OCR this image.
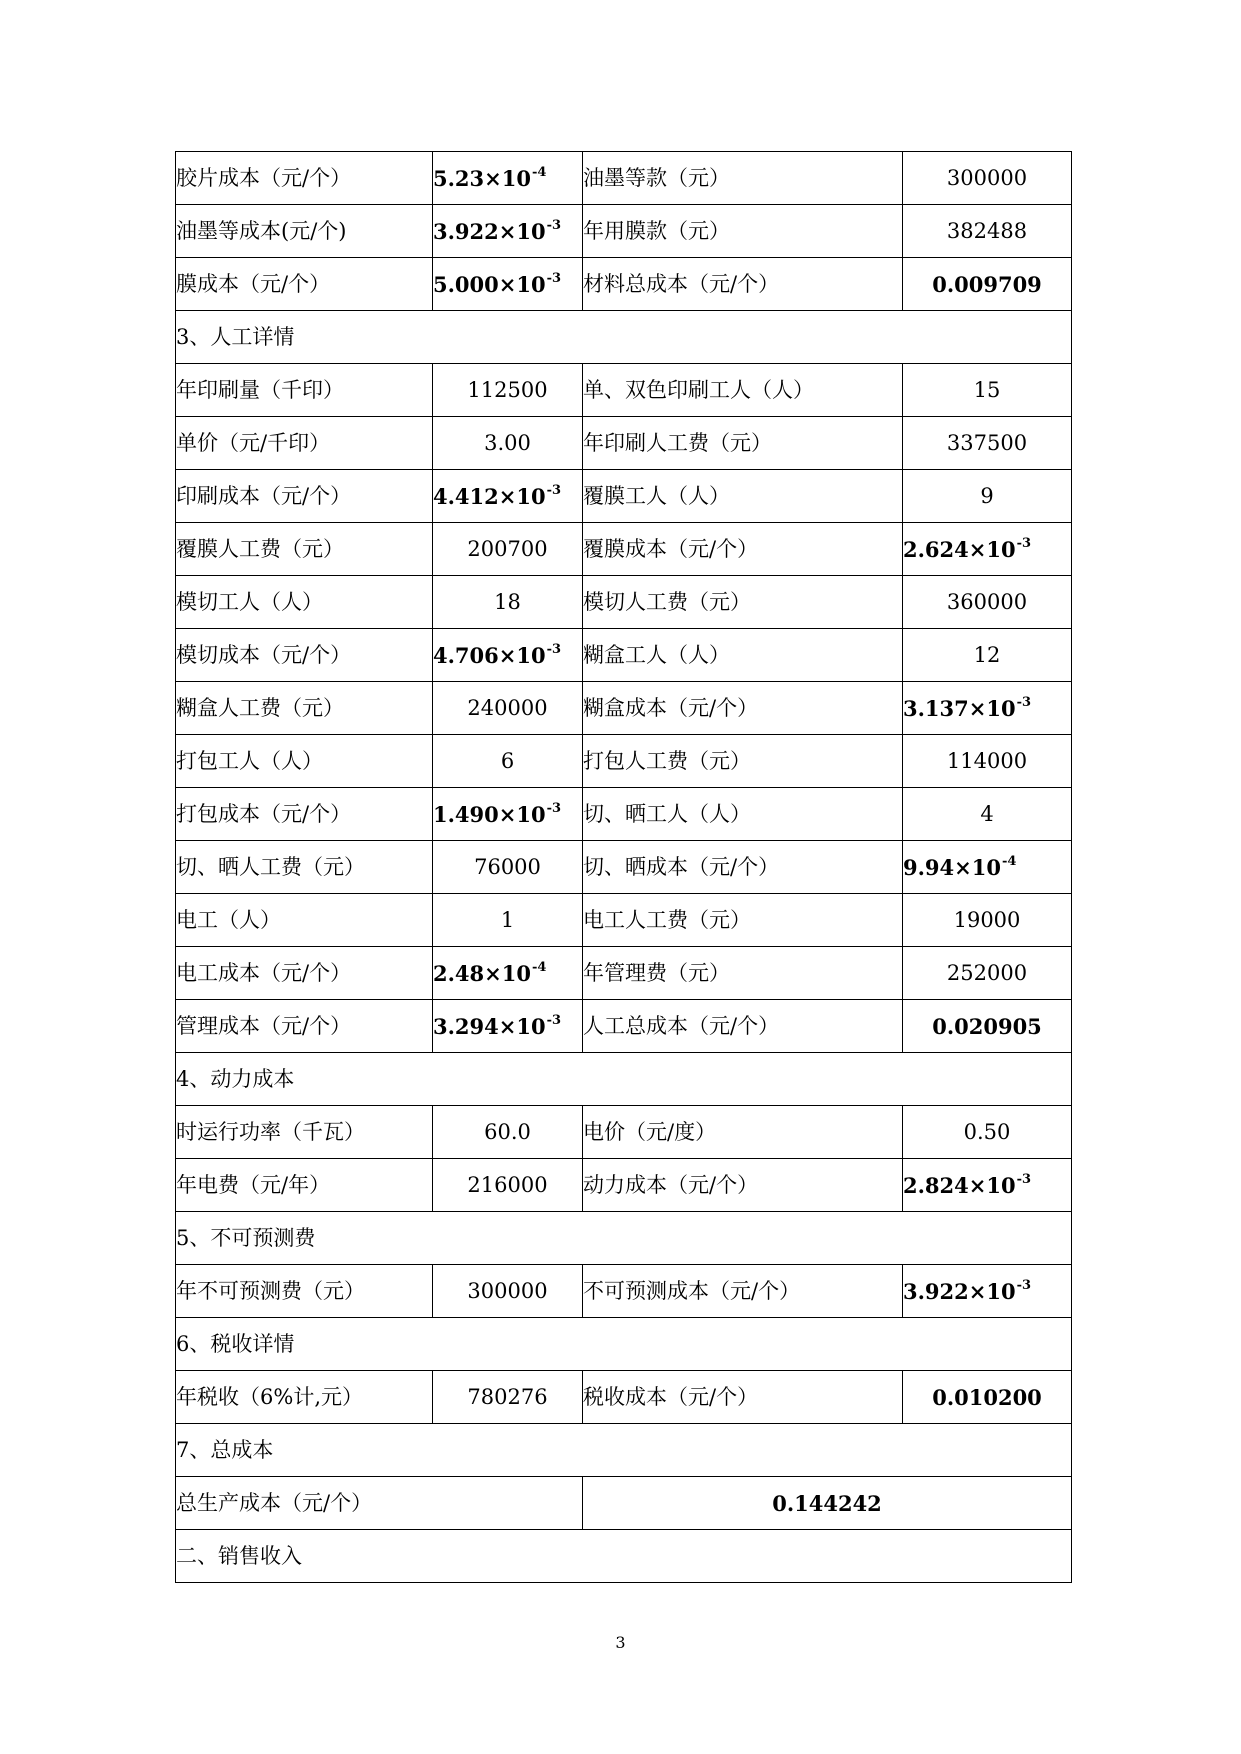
胶片成本（元/个）	$5.23\times 10^{-4}$	油墨等款（元）	300000
油墨等成本(元/个)	$3.922\times 10^{-3}$	年用膜款（元）	382488
膜成本（元/个）	$5.000\times 10^{-3}$	材料总成本（元/个）	0.009709
3、人工详情			
年印刷量（千印）	112500	单、双色印刷工人（人）	15
单价（元/千印）	3.00	年印刷人工费（元）	337500
印刷成本（元/个）	$4.412\times 10^{-3}$	覆膜工人（人）	9
覆膜人工费（元）	200700	覆膜成本（元/个）	$2.624\times 10^{-3}$
模切工人（人）	18	模切人工费（元）	360000
模切成本（元/个）	$4.706\times 10^{-3}$	糊盒工人（人）	12
糊盒人工费（元）	240000	糊盒成本（元/个）	$3.137\times 10^{-3}$
打包工人（人）	6	打包人工费（元）	114000
打包成本（元/个）	$1.490\times 10^{-3}$	切、晒工人（人）	4
切、晒人工费（元）	76000	切、晒成本（元/个）	$9.94\times 10^{-4}$
电工（人）	1	电工人工费（元）	19000
电工成本（元/个）	$2.48\times 10^{-4}$	年管理费（元）	252000
管理成本（元/个）	$3.294\times 10^{-3}$	人工总成本（元/个）	0.020905
4、动力成本			
时运行功率（千瓦）	60.0	电价（元/度）	0.50
年电费（元/年）	216000	动力成本（元/个）	$2.824\times 10^{-3}$
5、不可预测费			
年不可预测费（元）	300000	不可预测成本（元/个）	$3.922\times 10^{-3}$
6、税收详情			
年税收（6%计,元）	780276	税收成本（元/个）	0.010200
7、总成本			
总生产成本（元/个）		0.144242	
二、销售收入			
3
